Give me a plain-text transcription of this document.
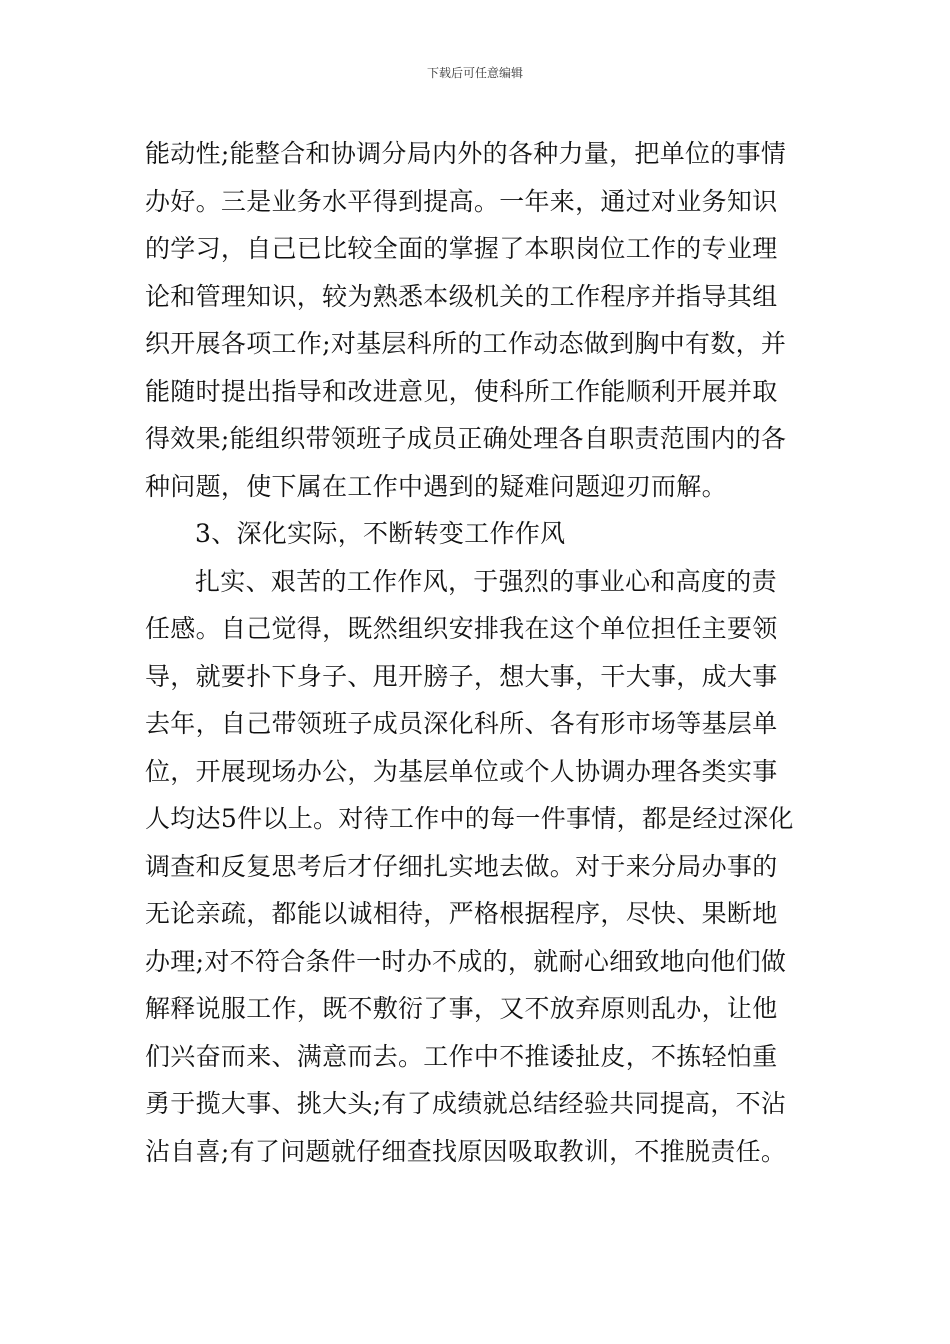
下载后可任意编辑
能动性;能整合和协调分局内外的各种力量，把单位的事情
办好。三是业务水平得到提高。一年来，通过对业务知识
的学习，自己已比较全面的掌握了本职岗位工作的专业理
论和管理知识，较为熟悉本级机关的工作程序并指导其组
织开展各项工作;对基层科所的工作动态做到胸中有数，并
能随时提出指导和改进意见，使科所工作能顺利开展并取
得效果;能组织带领班子成员正确处理各自职责范围内的各
种问题，使下属在工作中遇到的疑难问题迎刃而解。
3、深化实际，不断转变工作作风
扎实、艰苦的工作作风，于强烈的事业心和高度的责
任感。自己觉得，既然组织安排我在这个单位担任主要领
导，就要扑下身子、甩开膀子，想大事，干大事，成大事
去年，自己带领班子成员深化科所、各有形市场等基层单
位，开展现场办公，为基层单位或个人协调办理各类实事
人均达5件以上。对待工作中的每一件事情，都是经过深化
调查和反复思考后才仔细扎实地去做。对于来分局办事的
无论亲疏，都能以诚相待，严格根据程序，尽快、果断地
办理;对不符合条件一时办不成的，就耐心细致地向他们做
解释说服工作，既不敷衍了事，又不放弃原则乱办，让他
们兴奋而来、满意而去。工作中不推诿扯皮，不拣轻怕重
勇于揽大事、挑大头;有了成绩就总结经验共同提高，不沾
沾自喜;有了问题就仔细查找原因吸取教训，不推脱责任。
